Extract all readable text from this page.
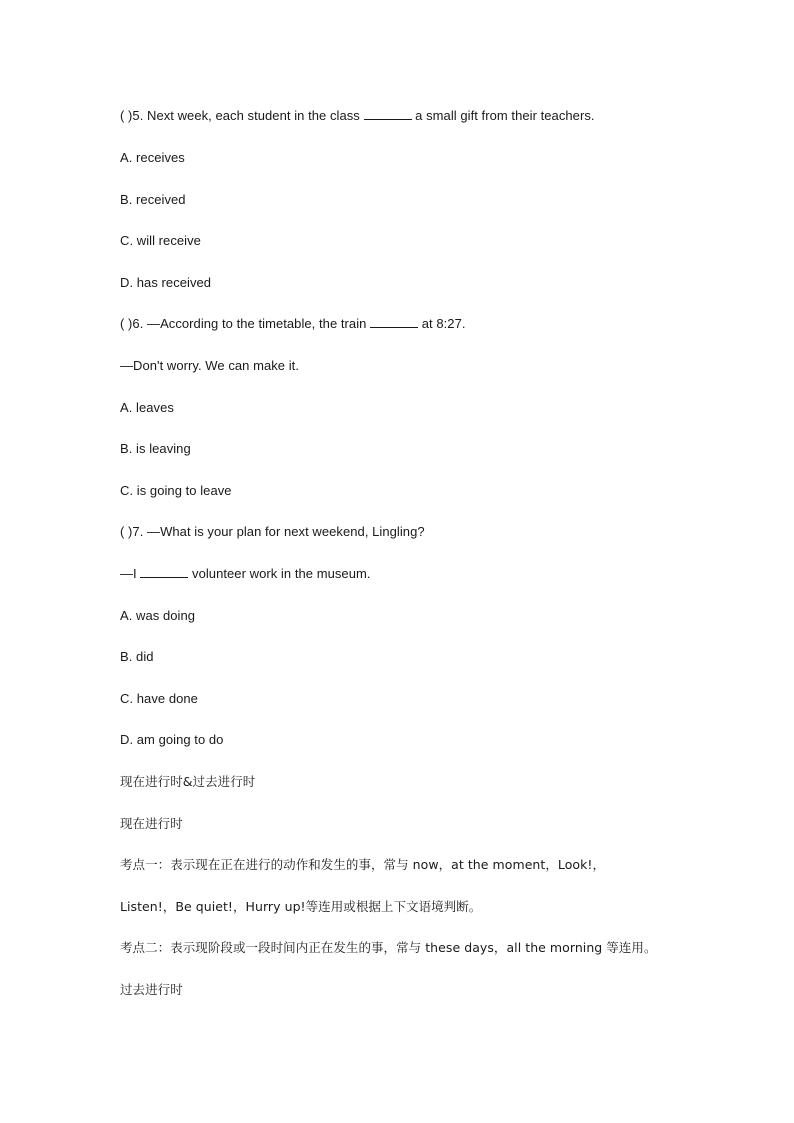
( )5. Next week, each student in the class	a small gift from their teachers.
A. receives
B. received
C. will receive
D. has received
( )6. —According to the timetable, the train	at 8:27.
—Don't worry. We can make it.
A. leaves
B. is leaving
C. is going to leave
( )7. —What is your plan for next weekend, Lingling?
—I	volunteer work in the museum.
A. was doing
B. did
C. have done
D. am going to do
现在进行时&过去进行时
现在进行时
考点一：表示现在正在进行的动作和发生的事，常与 now，at the moment，Look!，
Listen!，Be quiet!，Hurry up!等连用或根据上下文语境判断。
考点二：表示现阶段或一段时间内正在发生的事，常与 these days，all the morning 等连用。
过去进行时
